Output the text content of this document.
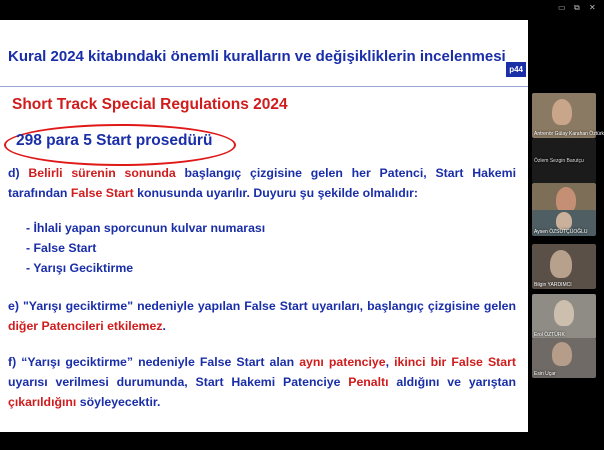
▭ ⧉ ✕
Kural 2024 kitabındaki önemli kuralların ve değişikliklerin incelenmesi
p44
Short Track Special Regulations 2024
298 para 5 Start prosedürü
d) Belirli sürenin sonunda başlangıç çizgisine gelen her Patenci, Start Hakemi tarafından False Start konusunda uyarılır. Duyuru şu şekilde olmalıdır:
- İhlali yapan sporcunun kulvar numarası
- False Start
- Yarışı Geciktirme
e) "Yarışı geciktirme" nedeniyle yapılan False Start uyarıları, başlangıç çizgisine gelen diğer Patencileri etkilemez.
f) “Yarışı geciktirme” nedeniyle False Start alan aynı patenciye, ikinci bir False Start uyarısı verilmesi durumunda, Start Hakemi Patenciye Penaltı aldığını ve yarıştan çıkarıldığını söyleyecektir.
Antrenör Gülay Karahan Öztürk
Özlem Sezgin Barutçu
Aysen ÖZSÜTÇÜOĞLU
Bilgin YARDIMCI
Erol ÖZTÜRK
Esin Uçar
